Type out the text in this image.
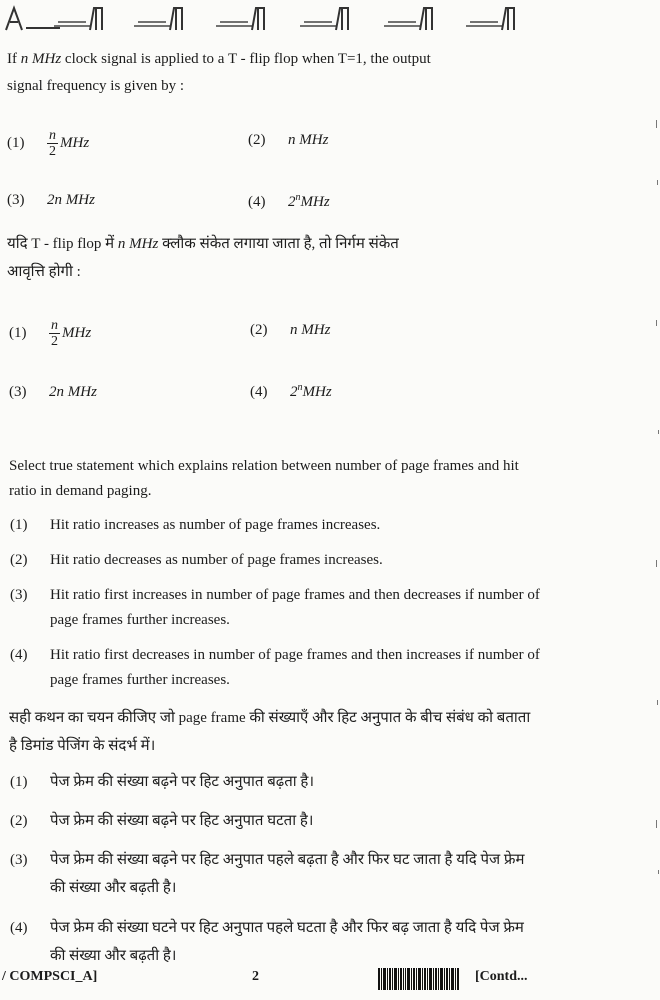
If n MHz clock signal is applied to a T - flip flop when T=1, the output
signal frequency is given by :
$(1) \frac{n}{2}$ MHz	(2) n MHz
(3) 2n MHz	(4) 2$^n$MHz
यदि T - flip flop में n MHz क्लौक संकेत लगाया जाता है, तो निर्गम संकेत
आवृत्ति होगी :
$(1) \frac{n}{2}$ MHz	(2) n MHz
(3) 2n MHz	(4) 2$^n$MHz
Select true statement which explains relation between number of page frames and hit ratio in demand paging.
(1) Hit ratio increases as number of page frames increases.
(2) Hit ratio decreases as number of page frames increases.
(3) Hit ratio first increases in number of page frames and then decreases if number of page frames further increases.
(4) Hit ratio first decreases in number of page frames and then increases if number of page frames further increases.
सही कथन का चयन कीजिए जो page frame की संख्याएँ और हिट अनुपात के बीच संबंध को बताता है डिमांड पेजिंग के संदर्भ में।
(1) पेज फ्रेम की संख्या बढ़ने पर हिट अनुपात बढ़ता है।
(2) पेज फ्रेम की संख्या बढ़ने पर हिट अनुपात घटता है।
(3) पेज फ्रेम की संख्या बढ़ने पर हिट अनुपात पहले बढ़ता है और फिर घट जाता है यदि पेज फ्रेम की संख्या और बढ़ती है।
(4) पेज फ्रेम की संख्या घटने पर हिट अनुपात पहले घटता है और फिर बढ़ जाता है यदि पेज फ्रेम की संख्या और बढ़ती है।
/ COMPSCI_A]	2	[Contd...
